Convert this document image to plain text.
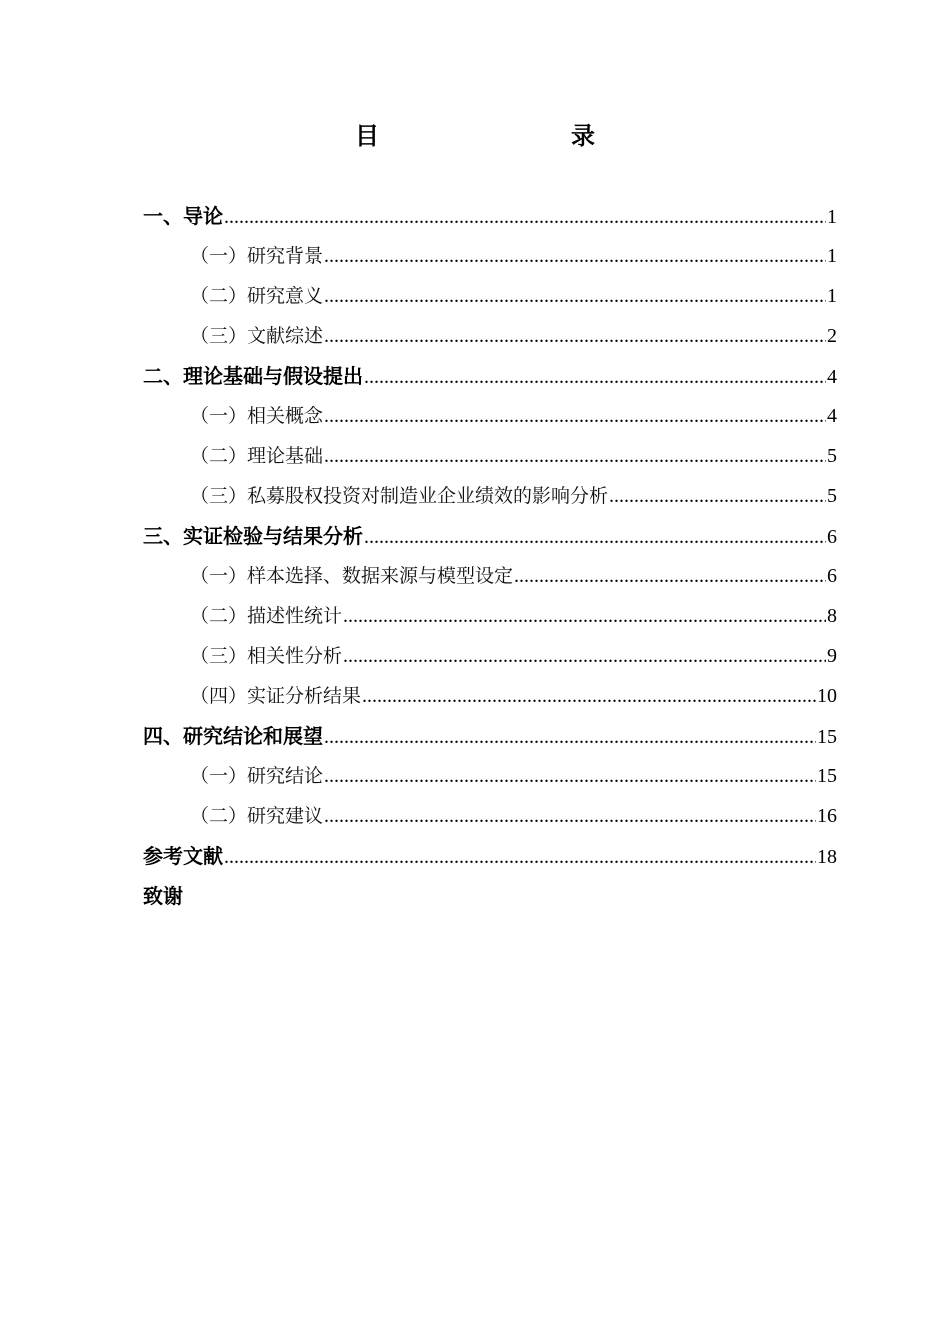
目　　录
一、导论 .....	1
（一）研究背景 .....	1
（二）研究意义 .....	1
（三）文献综述 .....	2
二、理论基础与假设提出 .....	4
（一）相关概念 .....	4
（二）理论基础 .....	5
（三）私募股权投资对制造业企业绩效的影响分析 .....	5
三、实证检验与结果分析 .....	6
（一）样本选择、数据来源与模型设定 .....	6
（二）描述性统计 .....	8
（三）相关性分析 .....	9
（四）实证分析结果 .....	10
四、研究结论和展望 .....	15
（一）研究结论 .....	15
（二）研究建议 .....	16
参考文献 .....	18
致谢
